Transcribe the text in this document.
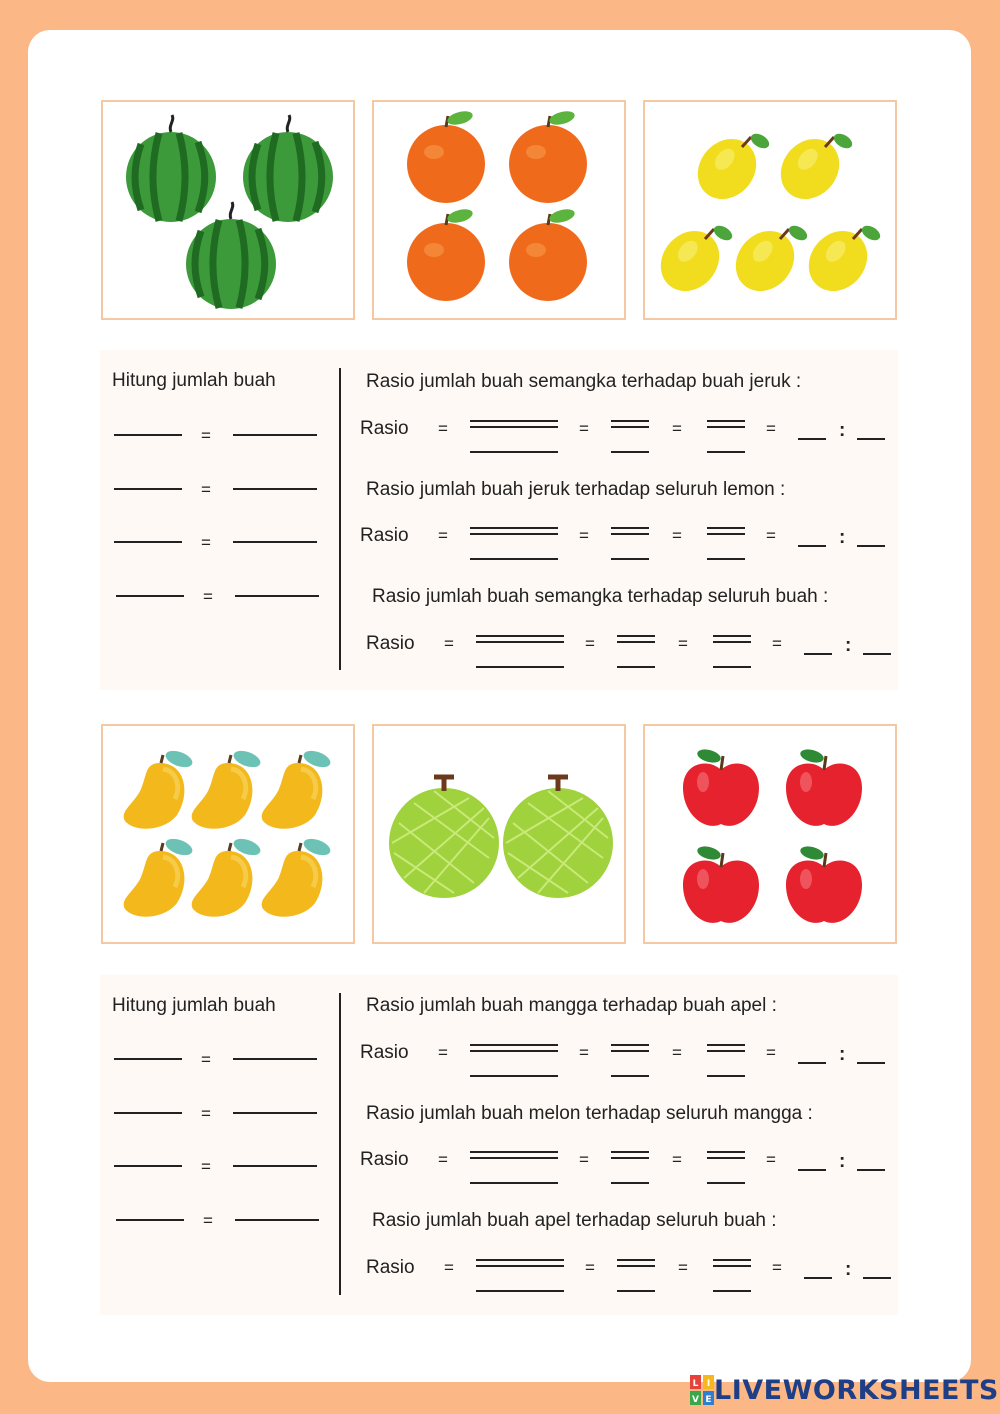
Hitung jumlah buah
=
=
=
=
Rasio jumlah buah semangka terhadap buah jeruk :
Rasio =	=	=	=	:
Rasio jumlah buah jeruk terhadap seluruh lemon :
Rasio =	=	=	=	:
Rasio jumlah buah semangka terhadap seluruh buah :
Rasio =	=	=	=	:
Hitung jumlah buah
=
=
=
=
Rasio jumlah buah mangga terhadap buah apel :
Rasio =	=	=	=	:
Rasio jumlah buah melon terhadap seluruh mangga :
Rasio =	=	=	=	:
Rasio jumlah buah apel terhadap seluruh buah :
Rasio =	=	=	=	:
L I
V E LIVEWORKSHEETS
